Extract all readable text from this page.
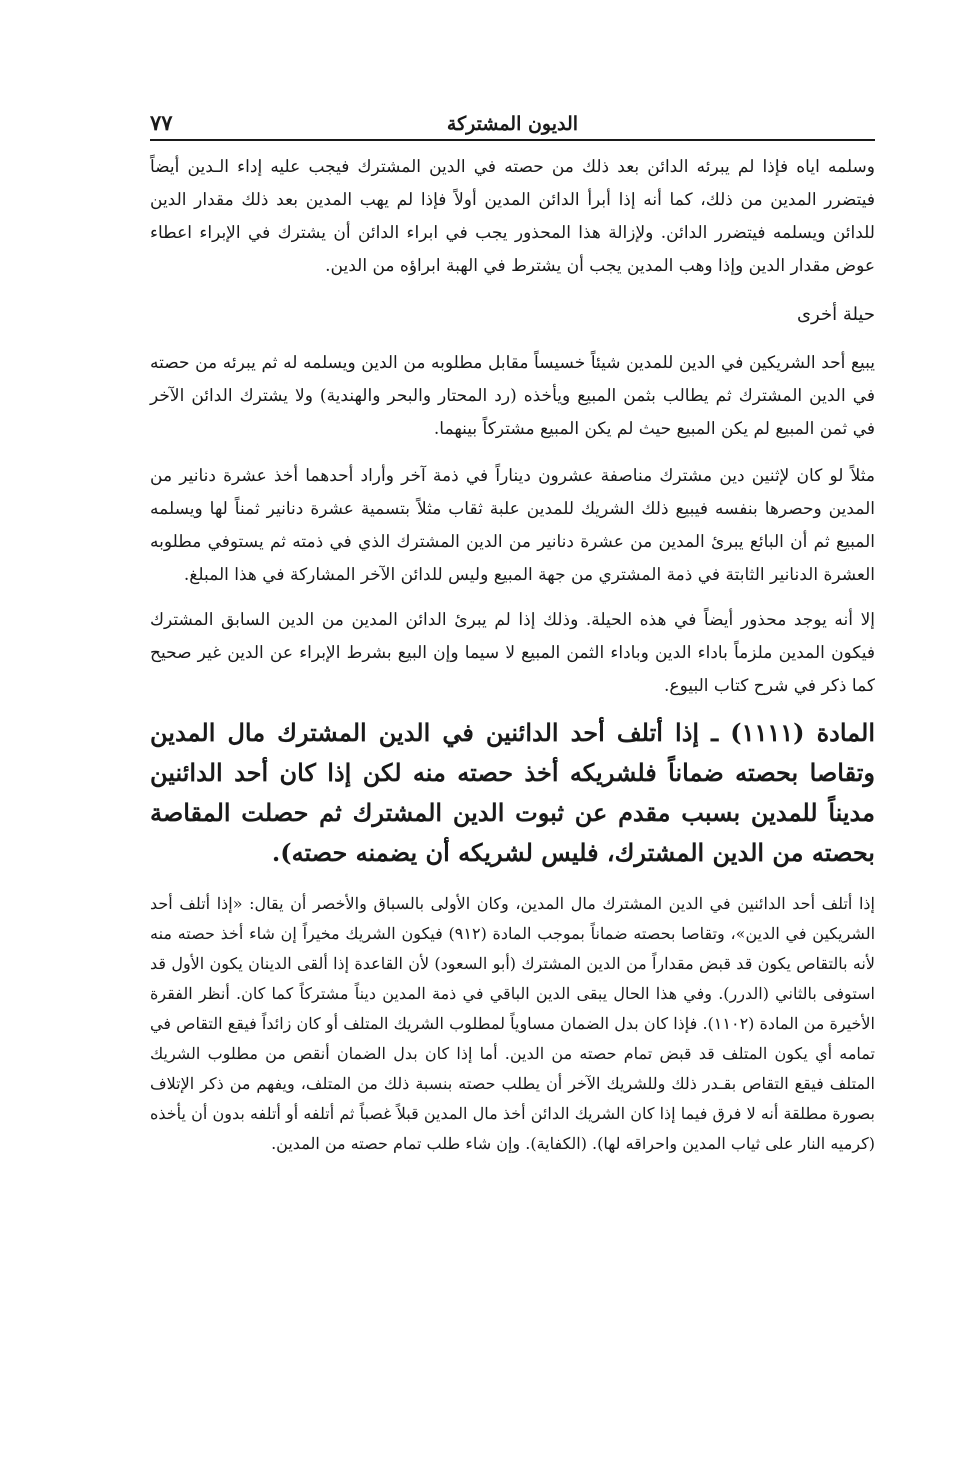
الديون المشتركة
٧٧

وسلمه اياه فإذا لم يبرئه الدائن بعد ذلك من حصته في الدين المشترك فيجب عليه إداء الـدين أيضاً فيتضرر المدين من ذلك، كما أنه إذا أبرأ الدائن المدين أولاً فإذا لم يهب المدين بعد ذلك مقدار الدين للدائن ويسلمه فيتضرر الدائن. ولإزالة هذا المحذور يجب في ابراء الدائن أن يشترك في الإبراء اعطاء عوض مقدار الدين وإذا وهب المدين يجب أن يشترط في الهبة ابراؤه من الدين.

حيلة أخرى

يبيع أحد الشريكين في الدين للمدين شيئاً خسيساً مقابل مطلوبه من الدين ويسلمه له ثم يبرئه من حصته في الدين المشترك ثم يطالب بثمن المبيع ويأخذه (رد المحتار والبحر والهندية) ولا يشترك الدائن الآخر في ثمن المبيع لم يكن المبيع حيث لم يكن المبيع مشتركاً بينهما.

مثلاً لو كان لإثنين دين مشترك مناصفة عشرون ديناراً في ذمة آخر وأراد أحدهما أخذ عشرة دنانير من المدين وحصرها بنفسه فيبيع ذلك الشريك للمدين علبة ثقاب مثلاً بتسمية عشرة دنانير ثمناً لها ويسلمه المبيع ثم أن البائع يبرئ المدين من عشرة دنانير من الدين المشترك الذي في ذمته ثم يستوفي مطلوبه العشرة الدنانير الثابتة في ذمة المشتري من جهة المبيع وليس للدائن الآخر المشاركة في هذا المبلغ.

إلا أنه يوجد محذور أيضاً في هذه الحيلة. وذلك إذا لم يبرئ الدائن المدين من الدين السابق المشترك فيكون المدين ملزماً باداء الدين وباداء الثمن المبيع لا سيما وإن البيع بشرط الإبراء عن الدين غير صحيح كما ذكر في شرح كتاب البيوع.

المادة (١١١١) ـ إذا أتلف أحد الدائنين في الدين المشترك مال المدين وتقاصا بحصته ضماناً فلشريكه أخذ حصته منه لكن إذا كان أحد الدائنين مديناً للمدين بسبب مقدم عن ثبوت الدين المشترك ثم حصلت المقاصة بحصته من الدين المشترك، فليس لشريكه أن يضمنه حصته).

إذا أتلف أحد الدائنين في الدين المشترك مال المدين، وكان الأولى بالسباق والأخصر أن يقال: «إذا أتلف أحد الشريكين في الدين»، وتقاصا بحصته ضماناً بموجب المادة (٩١٢) فيكون الشريك مخيراً إن شاء أخذ حصته منه لأنه بالتقاص يكون قد قبض مقداراً من الدين المشترك (أبو السعود) لأن القاعدة إذا ألقى الدينان يكون الأول قد استوفى بالثاني (الدرر). وفي هذا الحال يبقى الدين الباقي في ذمة المدين ديناً مشتركاً كما كان. أنظر الفقرة الأخيرة من المادة (١١٠٢). فإذا كان بدل الضمان مساوياً لمطلوب الشريك المتلف أو كان زائداً فيقع التقاص في تمامه أي يكون المتلف قد قبض تمام حصته من الدين. أما إذا كان بدل الضمان أنقص من مطلوب الشريك المتلف فيقع التقاص بقـدر ذلك وللشريك الآخر أن يطلب حصته بنسبة ذلك من المتلف، ويفهم من ذكر الإتلاف بصورة مطلقة أنه لا فرق فيما إذا كان الشريك الدائن أخذ مال المدين قبلاً غصباً ثم أتلفه أو أتلفه بدون أن يأخذه (كرميه النار على ثياب المدين واحراقه لها). (الكفاية). وإن شاء طلب تمام حصته من المدين.
